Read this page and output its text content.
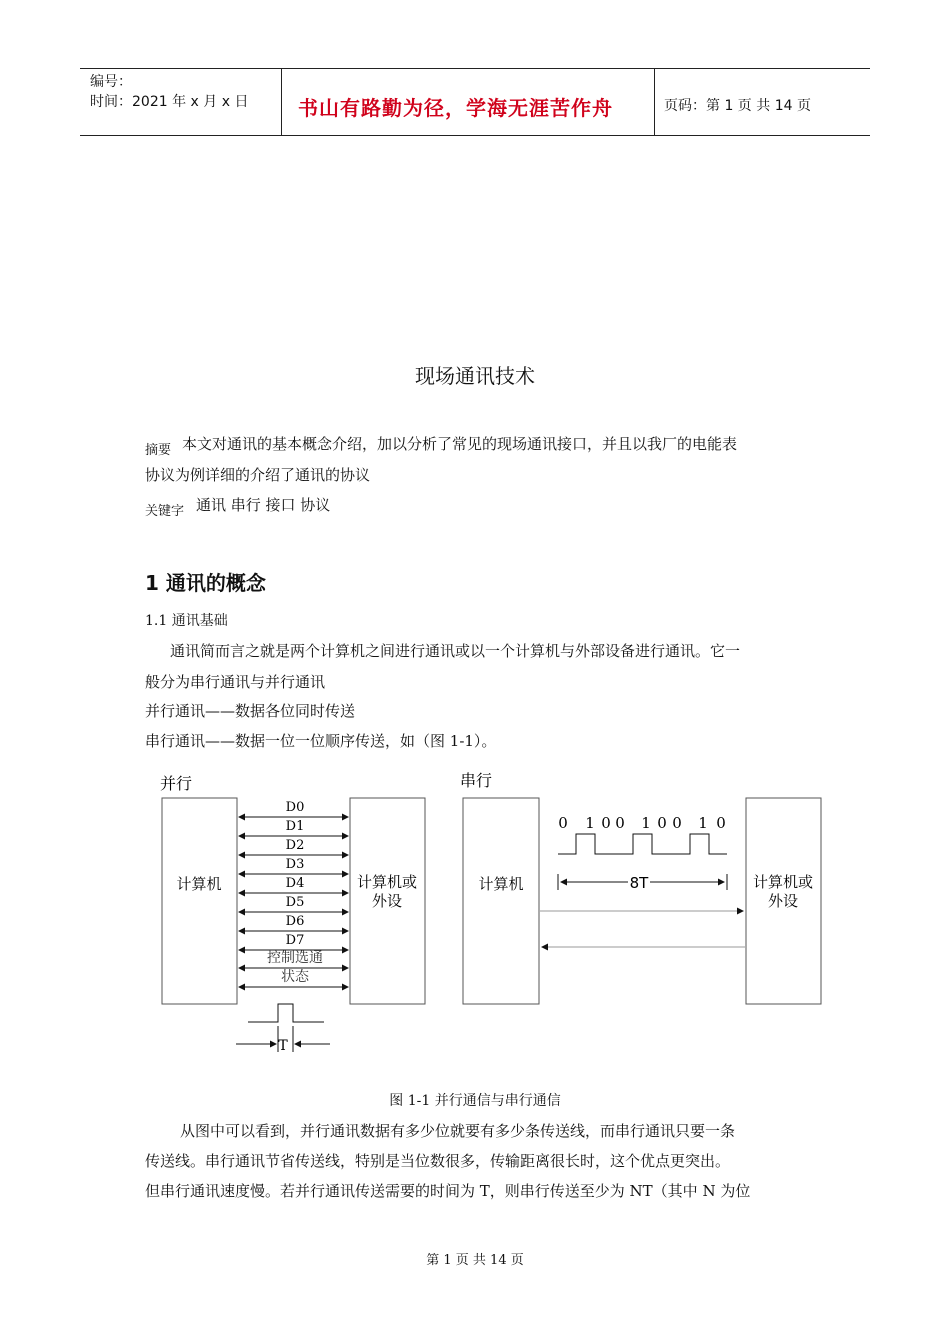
编号：
时间：2021 年 x 月 x 日 书山有路勤为径，学海无涯苦作舟	页码：第 1 页 共 14 页
现场通讯技术
摘要 本文对通讯的基本概念介绍，加以分析了常见的现场通讯接口，并且以我厂的电能表
协议为例详细的介绍了通讯的协议
关键字 通讯 串行 接口 协议
1 通讯的概念
1.1 通讯基础
通讯简而言之就是两个计算机之间进行通讯或以一个计算机与外部设备进行通讯。它一
般分为串行通讯与并行通讯
并行通讯——数据各位同时传送
串行通讯——数据一位一位顺序传送，如（图 1-1）。
并行
计算机	计算机或
外设
D0
D1
D2
D3
D4
D5
D6
D7
控制选通
状态
T
串行
计算机	计算机或
外设
0 1 0 0 1 0 0 1 0
8T
图 1-1 并行通信与串行通信
从图中可以看到，并行通讯数据有多少位就要有多少条传送线，而串行通讯只要一条
传送线。串行通讯节省传送线，特别是当位数很多，传输距离很长时，这个优点更突出。
但串行通讯速度慢。若并行通讯传送需要的时间为 T，则串行传送至少为 NT（其中 N 为位
第 1 页 共 14 页
